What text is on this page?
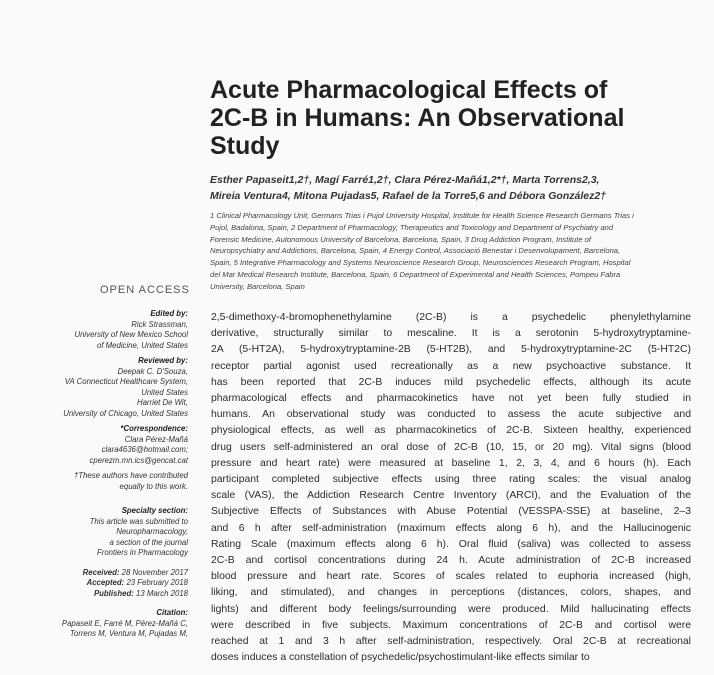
Acute Pharmacological Effects of
2C-B in Humans: An Observational
Study
Esther Papaseit1,2†, Magí Farré1,2†, Clara Pérez-Mañá1,2*†, Marta Torrens2,3,
Mireia Ventura4, Mitona Pujadas5, Rafael de la Torre5,6 and Débora González2†
1 Clinical Pharmacology Unit, Germans Trias i Pujol University Hospital, Institute for Health Science Research Germans Trias i
Pujol, Badalona, Spain, 2 Department of Pharmacology, Therapeutics and Toxicology and Department of Psychiatry and
Forensic Medicine, Autonomous University of Barcelona, Barcelona, Spain, 3 Drug Addiction Program, Institute of
Neuropsychiatry and Addictions, Barcelona, Spain, 4 Energy Control, Associació Benestar i Desenvolupament, Barcelona,
Spain, 5 Integrative Pharmacology and Systems Neuroscience Research Group, Neurosciences Research Program, Hospital
del Mar Medical Research Institute, Barcelona, Spain, 6 Department of Experimental and Health Sciences, Pompeu Fabra
University, Barcelona, Spain
OPEN ACCESS
Edited by:
Rick Strassman,
University of New Mexico School
of Medicine, United States
Reviewed by:
Deepak C. D'Souza,
VA Connecticut Healthcare System,
United States
Harriet De Wit,
University of Chicago, United States
*Correspondence:
Clara Pérez-Mañá
clara4636@hotmail.com;
cperezm.mn.ics@gencat.cat
†These authors have contributed
equally to this work.
Specialty section:
This article was submitted to
Neuropharmacology,
a section of the journal
Frontiers in Pharmacology
Received: 28 November 2017
Accepted: 23 February 2018
Published: 13 March 2018
Citation:
Papaseit E, Farré M, Pérez-Mañá C,
Torrens M, Ventura M, Pujadas M,

2,5-dimethoxy-4-bromophenethylamine (2C-B) is a psychedelic phenylethylamine
derivative, structurally similar to mescaline. It is a serotonin 5-hydroxytryptamine-
2A (5-HT2A), 5-hydroxytryptamine-2B (5-HT2B), and 5-hydroxytryptamine-2C (5-HT2C)
receptor partial agonist used recreationally as a new psychoactive substance. It
has been reported that 2C-B induces mild psychedelic effects, although its acute
pharmacological effects and pharmacokinetics have not yet been fully studied in
humans. An observational study was conducted to assess the acute subjective and
physiological effects, as well as pharmacokinetics of 2C-B. Sixteen healthy, experienced
drug users self-administered an oral dose of 2C-B (10, 15, or 20 mg). Vital signs (blood
pressure and heart rate) were measured at baseline 1, 2, 3, 4, and 6 hours (h). Each
participant completed subjective effects using three rating scales: the visual analog
scale (VAS), the Addiction Research Centre Inventory (ARCI), and the Evaluation of the
Subjective Effects of Substances with Abuse Potential (VESSPA-SSE) at baseline, 2–3
and 6 h after self-administration (maximum effects along 6 h), and the Hallucinogenic
Rating Scale (maximum effects along 6 h). Oral fluid (saliva) was collected to assess
2C-B and cortisol concentrations during 24 h. Acute administration of 2C-B increased
blood pressure and heart rate. Scores of scales related to euphoria increased (high,
liking, and stimulated), and changes in perceptions (distances, colors, shapes, and
lights) and different body feelings/surrounding were produced. Mild hallucinating effects
were described in five subjects. Maximum concentrations of 2C-B and cortisol were
reached at 1 and 3 h after self-administration, respectively. Oral 2C-B at recreational
doses induces a constellation of psychedelic/psychostimulant-like effects similar to
